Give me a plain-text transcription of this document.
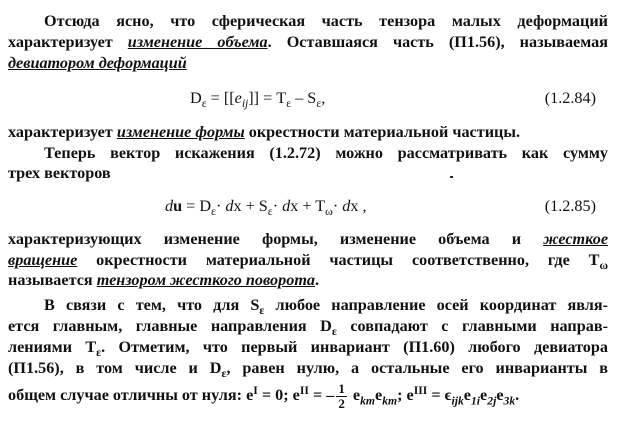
Отсюда ясно, что сферическая часть тензора малых деформаций
характеризует изменение объема. Оставшаяся часть (П1.56), называемая
девиатором деформаций
$D_\varepsilon = [[e_{ij}]] = T_\varepsilon - S_\varepsilon$,	(1.2.84)
характеризует изменение формы окрестности материальной частицы.
Теперь вектор искажения (1.2.72) можно рассматривать как сумму
трех векторов
du = $D_\varepsilon\cdot$ dx + $S_\varepsilon\cdot$ dx + $T_\omega\cdot$ dx ,	(1.2.85)
характеризующих изменение формы, изменение объема и жесткое
вращение окрестности материальной частицы соответственно, где $T_\omega$
называется тензором жесткого поворота.
В связи с тем, что для $S_\varepsilon$ любое направление осей координат явля-
ется главным, главные направления $D_\varepsilon$ совпадают с главными направ-
лениями $T_\varepsilon$. Отметим, что первый инвариант (П1.60) любого девиатора
(П1.56), в том числе и $D_\varepsilon$, равен нулю, а остальные его инварианты в
общем случае отличны от нуля: $e^I = 0$; $e^{II}$ = – $\frac{1}{2} e_{km}e_{km}$; $e^{III} = \epsilon_{ijk}e_{1i}e_{2j}e_{3k}$.
